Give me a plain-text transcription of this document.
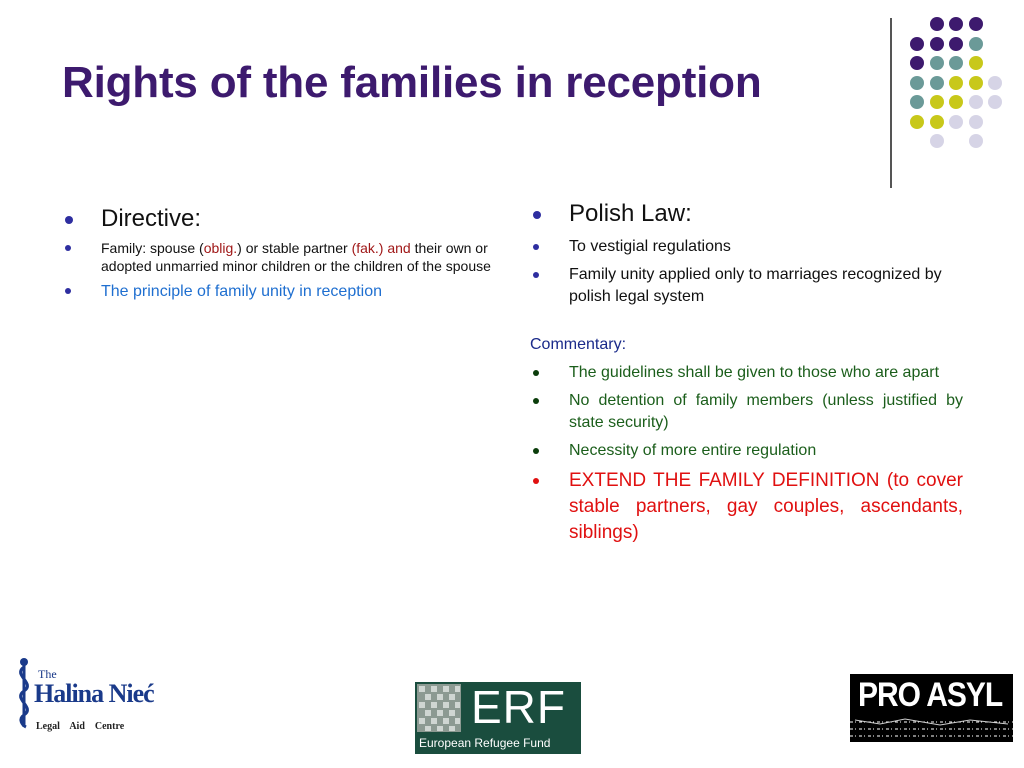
Rights of the families in reception
Directive:
Family: spouse (oblig.) or stable partner (fak.) and their own or adopted unmarried minor children or the children of the spouse
The principle of family unity in reception
Polish Law:
To vestigial regulations
Family unity applied only to marriages recognized by polish legal system
Commentary:
The guidelines shall be given to those who are apart
No detention of family members (unless justified by state security)
Necessity of more entire regulation
EXTEND THE FAMILY DEFINITION (to cover stable partners, gay couples, ascendants, siblings)
The
Halina Nieć
Legal    Aid    Centre	ERF
European Refugee Fund
PRO ASYL
